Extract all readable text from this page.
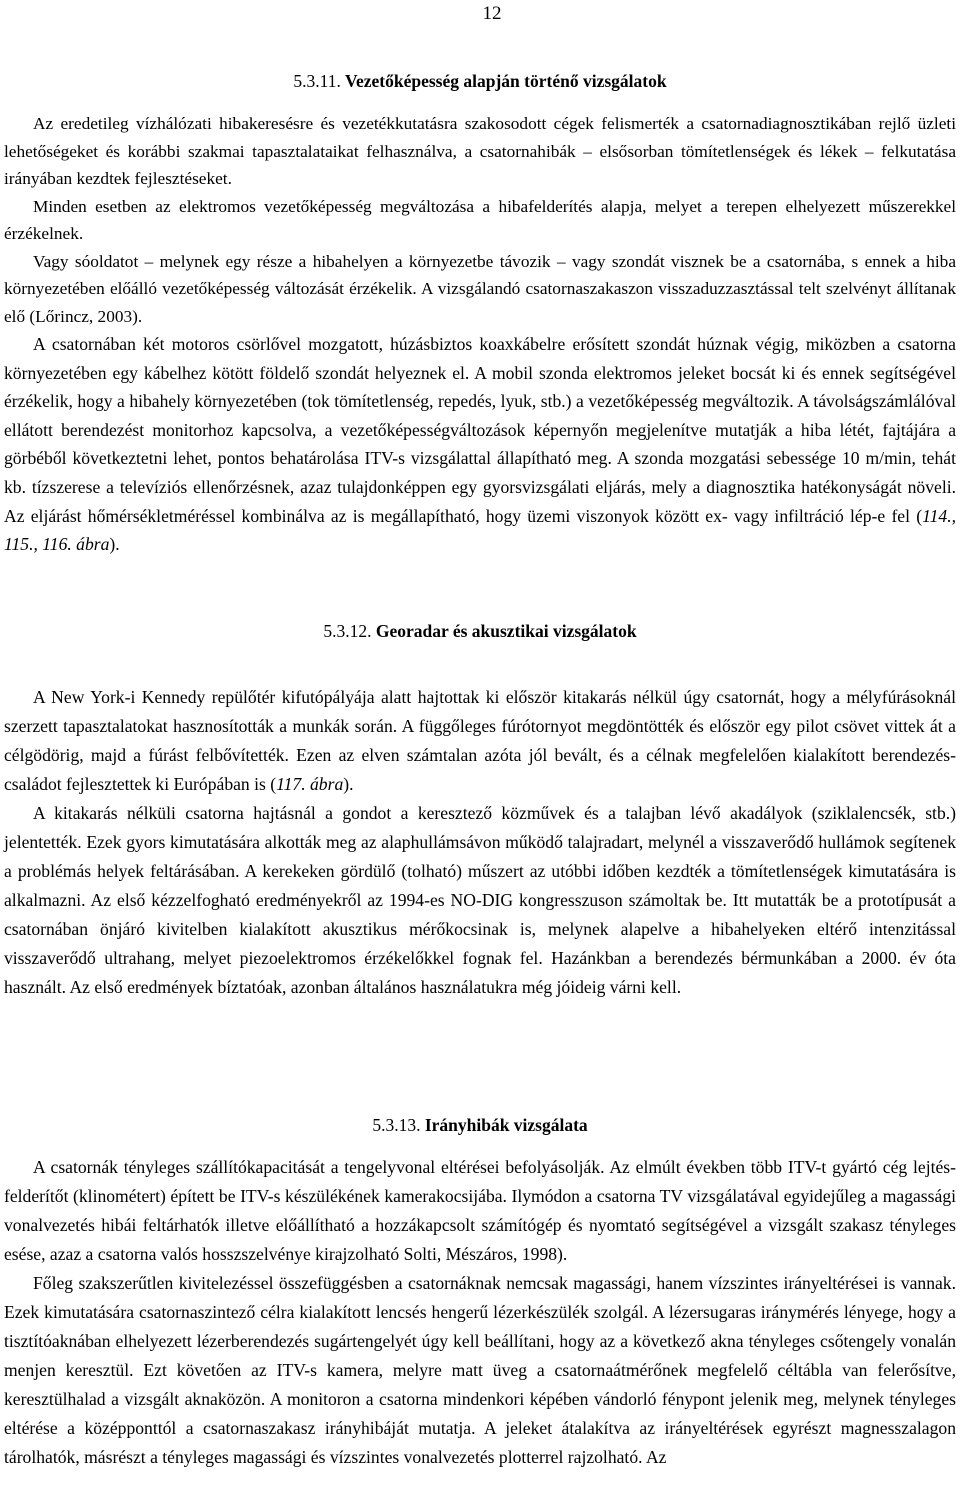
12
5.3.11. Vezetőképesség alapján történő vizsgálatok

Az eredetileg vízhálózati hibakeresésre és vezetékkutatásra szakosodott cégek felismerték a csatornadiagnosztikában rejlő üzleti lehetőségeket és korábbi szakmai tapasztalataikat felhasználva, a csatornahibák – elsősorban tömítetlenségek és lékek – felkutatása irányában kezdtek fejlesztéseket.

Minden esetben az elektromos vezetőképesség megváltozása a hibafelderítés alapja, melyet a terepen elhelyezett műszerekkel érzékelnek.

Vagy sóoldatot – melynek egy része a hibahelyen a környezetbe távozik – vagy szondát visznek be a csatornába, s ennek a hiba környezetében előálló vezetőképesség változását érzékelik. A vizsgálandó csatornaszakaszon visszaduzzasztással telt szelvényt állítanak elő (Lőrincz, 2003).

A csatornában két motoros csörlővel mozgatott, húzásbiztos koaxkábelre erősített szondát húznak végig, miközben a csatorna környezetében egy kábelhez kötött földelő szondát helyeznek el. A mobil szonda elektromos jeleket bocsát ki és ennek segítségével érzékelik, hogy a hibahely környezetében (tok tömítetlenség, repedés, lyuk, stb.) a vezetőképesség megváltozik. A távolságszámlálóval ellátott berendezést monitorhoz kapcsolva, a vezetőképességváltozások képernyőn megjelenítve mutatják a hiba létét, fajtájára a görbéből következtetni lehet, pontos behatárolása ITV-s vizsgálattal állapítható meg. A szonda mozgatási sebessége 10 m/min, tehát kb. tízszerese a televíziós ellenőrzésnek, azaz tulajdonképpen egy gyorsvizsgálati eljárás, mely a diagnosztika hatékonyságát növeli. Az eljárást hőmérsékletméréssel kombinálva az is megállapítható, hogy üzemi viszonyok között ex- vagy infiltráció lép-e fel (114., 115., 116. ábra).

5.3.12. Georadar és akusztikai vizsgálatok

A New York-i Kennedy repülőtér kifutópályája alatt hajtottak ki először kitakarás nélkül úgy csatornát, hogy a mélyfúrásoknál szerzett tapasztalatokat hasznosították a munkák során. A függőleges fúrótornyot megdöntötték és először egy pilot csövet vittek át a célgödörig, majd a fúrást felbővítették. Ezen az elven számtalan azóta jól bevált, és a célnak megfelelően kialakított berendezés-családot fejlesztettek ki Európában is (117. ábra).

A kitakarás nélküli csatorna hajtásnál a gondot a keresztező közművek és a talajban lévő akadályok (sziklalencsék, stb.) jelentették. Ezek gyors kimutatására alkották meg az alaphullámsávon működő talajradart, melynél a visszaverődő hullámok segítenek a problémás helyek feltárásában. A kerekeken gördülő (tolható) műszert az utóbbi időben kezdték a tömítetlenségek kimutatására is alkalmazni. Az első kézzelfogható eredményekről az 1994-es NO-DIG kongresszuson számoltak be. Itt mutatták be a prototípusát a csatornában önjáró kivitelben kialakított akusztikus mérőkocsinak is, melynek alapelve a hibahelyeken eltérő intenzitással visszaverődő ultrahang, melyet piezoelektromos érzékelőkkel fognak fel. Hazánkban a berendezés bérmunkában a 2000. év óta használt. Az első eredmények bíztatóak, azonban általános használatukra még jóideig várni kell.

5.3.13. Irányhibák vizsgálata

A csatornák tényleges szállítókapacitását a tengelyvonal eltérései befolyásolják. Az elmúlt években több ITV-t gyártó cég lejtés-felderítőt (klinométert) épített be ITV-s készülékének kamerakocsijába. Ilymódon a csatorna TV vizsgálatával egyidejűleg a magassági vonalvezetés hibái feltárhatók illetve előállítható a hozzákapcsolt számítógép és nyomtató segítségével a vizsgált szakasz tényleges esése, azaz a csatorna valós hosszszelvénye kirajzolható Solti, Mészáros, 1998).

Főleg szakszerűtlen kivitelezéssel összefüggésben a csatornáknak nemcsak magassági, hanem vízszintes irányeltérései is vannak. Ezek kimutatására csatornaszintező célra kialakított lencsés hengerű lézerkészülék szolgál. A lézersugaras iránymérés lényege, hogy a tisztítóaknában elhelyezett lézerberendezés sugártengelyét úgy kell beállítani, hogy az a következő akna tényleges csőtengely vonalán menjen keresztül. Ezt követően az ITV-s kamera, melyre matt üveg a csatornaátmérőnek megfelelő céltábla van felerősítve, keresztülhalad a vizsgált aknaközön. A monitoron a csatorna mindenkori képében vándorló fénypont jelenik meg, melynek tényleges eltérése a középponttól a csatornaszakasz irányhibáját mutatja. A jeleket átalakítva az irányeltérések egyrészt magnesszalagon tárolhatók, másrészt a tényleges magassági és vízszintes vonalvezetés plotterrel rajzolható. Az
